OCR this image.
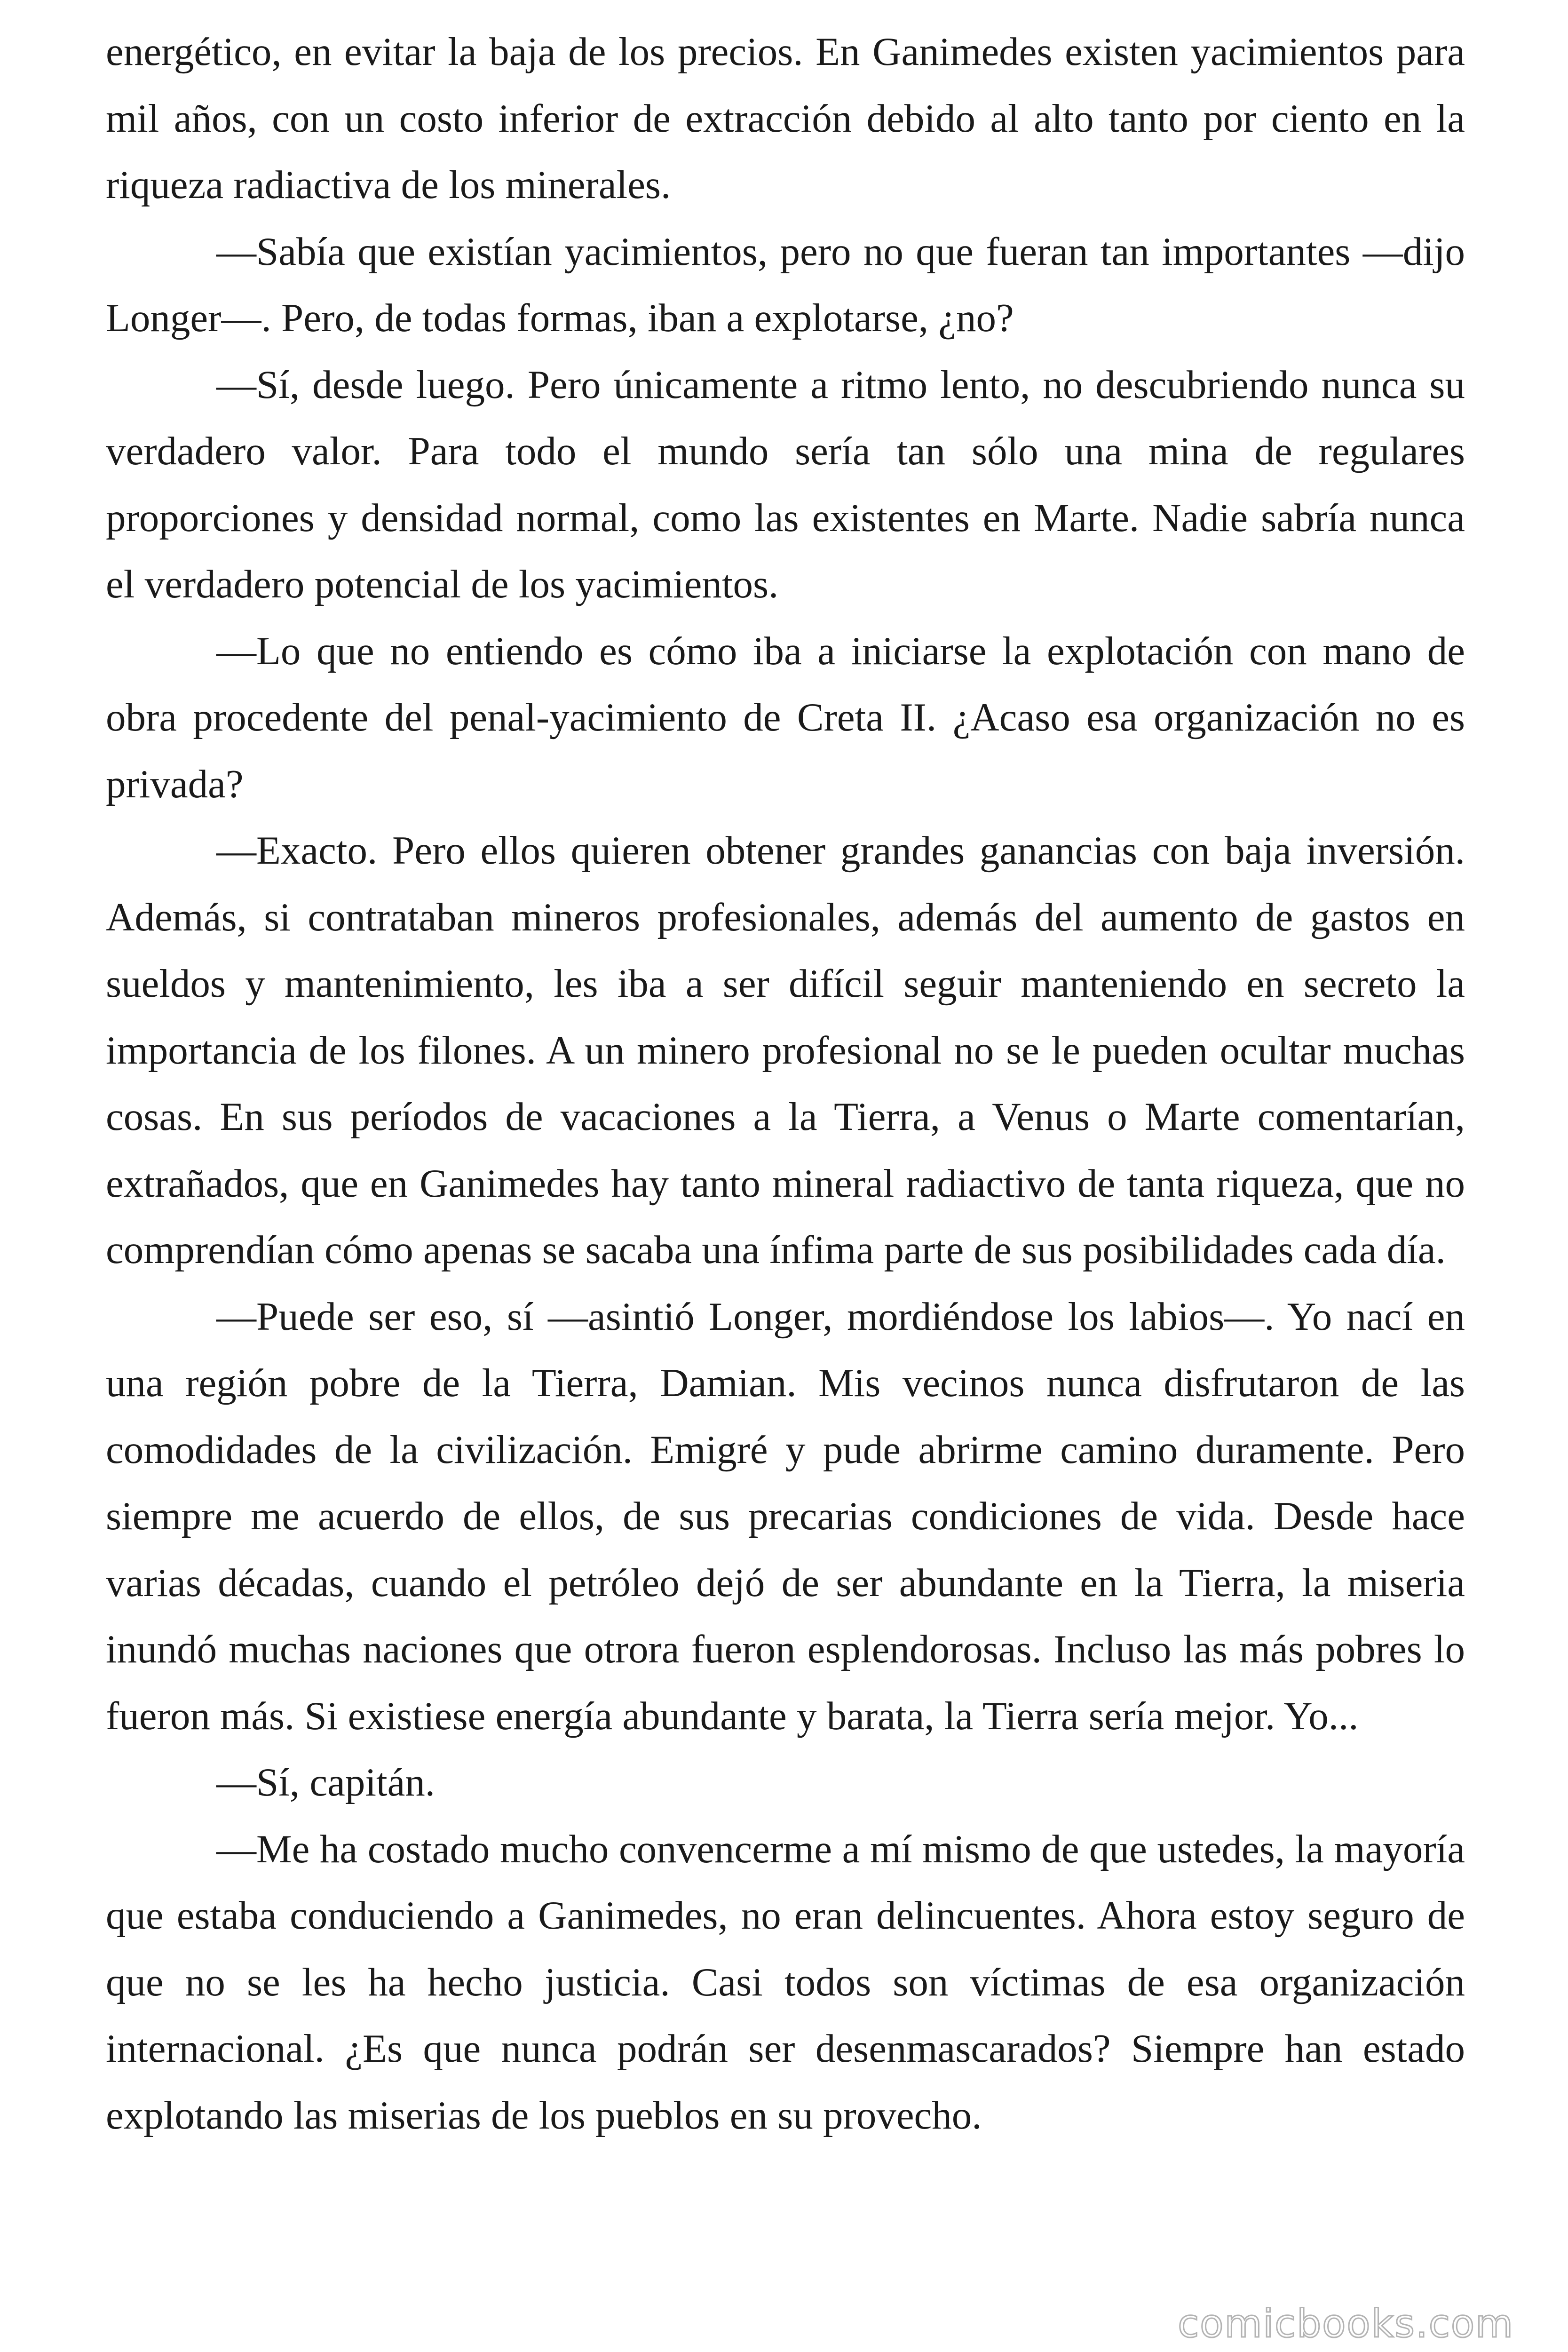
energético, en evitar la baja de los precios. En Ganimedes existen yacimientos para mil años, con un costo inferior de extracción debido al alto tanto por ciento en la riqueza radiactiva de los minerales.

—Sabía que existían yacimientos, pero no que fueran tan importantes —dijo Longer—. Pero, de todas formas, iban a explotarse, ¿no?

—Sí, desde luego. Pero únicamente a ritmo lento, no descubriendo nunca su verdadero valor. Para todo el mundo sería tan sólo una mina de regulares proporciones y densidad normal, como las existentes en Marte. Nadie sabría nunca el verdadero potencial de los yacimientos.

—Lo que no entiendo es cómo iba a iniciarse la explotación con mano de obra procedente del penal-yacimiento de Creta II. ¿Acaso esa organización no es privada?

—Exacto. Pero ellos quieren obtener grandes ganancias con baja inversión. Además, si contrataban mineros profesionales, además del aumento de gastos en sueldos y mantenimiento, les iba a ser difícil seguir manteniendo en secreto la importancia de los filones. A un minero profesional no se le pueden ocultar muchas cosas. En sus períodos de vacaciones a la Tierra, a Venus o Marte comentarían, extrañados, que en Ganimedes hay tanto mineral radiactivo de tanta riqueza, que no comprendían cómo apenas se sacaba una ínfima parte de sus posibilidades cada día.

—Puede ser eso, sí —asintió Longer, mordiéndose los labios—. Yo nací en una región pobre de la Tierra, Damian. Mis vecinos nunca disfrutaron de las comodidades de la civilización. Emigré y pude abrirme camino duramente. Pero siempre me acuerdo de ellos, de sus precarias condiciones de vida. Desde hace varias décadas, cuando el petróleo dejó de ser abundante en la Tierra, la miseria inundó muchas naciones que otrora fueron esplendorosas. Incluso las más pobres lo fueron más. Si existiese energía abundante y barata, la Tierra sería mejor. Yo...

—Sí, capitán.

—Me ha costado mucho convencerme a mí mismo de que ustedes, la mayoría que estaba conduciendo a Ganimedes, no eran delincuentes. Ahora estoy seguro de que no se les ha hecho justicia. Casi todos son víctimas de esa organización internacional. ¿Es que nunca podrán ser desenmascarados? Siempre han estado explotando las miserias de los pueblos en su provecho.

comicbooks.com
